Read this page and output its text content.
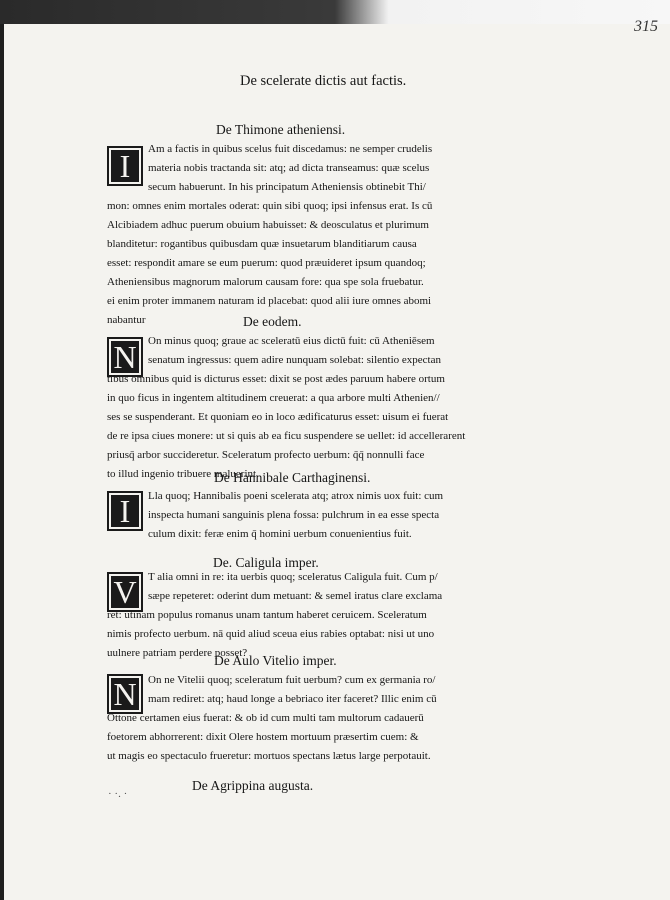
315
De scelerate dictis aut factis.
De Thimone atheniensi.
I	Am a factis in quibus scelus fuit discedamus: ne semper crudelis
materia nobis tractanda sit: atq; ad dicta transeamus: quæ scelus
secum habuerunt. In his principatum Atheniensis obtinebit Thi/
mon: omnes enim mortales oderat: quin sibi quoq; ipsi infensus erat. Is cū
Alcibiadem adhuc puerum obuium habuisset: & deosculatus et plurimum
blanditetur: rogantibus quibusdam quæ insuetarum blanditiarum causa
esset: respondit amare se eum puerum: quod præuideret ipsum quandoq;
Atheniensibus magnorum malorum causam fore: qua spe sola fruebatur.
ei enim proter immanem naturam id placebat: quod alii iure omnes abomi
nabantur	De eodem.
N	On minus quoq; graue ac sceleratū eius dictū fuit: cū Atheniēsem
senatum ingressus: quem adire nunquam solebat: silentio expectan
tibus omnibus quid is dicturus esset: dixit se post ædes paruum habere ortum
in quo ficus in ingentem altitudinem creuerat: a qua arbore multi Athenien//
ses se suspenderant. Et quoniam eo in loco ædificaturus esset: uisum ei fuerat
de re ipsa ciues monere: ut si quis ab ea ficu suspendere se uellet: id accellerarent
priusq̄ arbor succideretur. Sceleratum profecto uerbum: q̄q̄ nonnulli face
to illud ingenio tribuere maluerint.
De Hannibale Carthaginensi.
I	Lla quoq; Hannibalis poeni scelerata atq; atrox nimis uox fuit: cum
inspecta humani sanguinis plena fossa: pulchrum in ea esse specta
culum dixit: feræ enim q̄ homini uerbum conuenientius fuit.
De. Caligula imper.
V	T alia omni in re: ita uerbis quoq; sceleratus Caligula fuit. Cum p/
sæpe repeteret: oderint dum metuant: & semel iratus clare exclama
ret: utinam populus romanus unam tantum haberet ceruicem. Sceleratum
nimis profecto uerbum. nā quid aliud sceua eius rabies optabat: nisi ut uno
uulnere patriam perdere posset?
De Aulo Vitelio imper.
N	On ne Vitelii quoq; sceleratum fuit uerbum? cum ex germania ro/
mam rediret: atq; haud longe a bebriaco iter faceret? Illic enim cū
Ottone certamen eius fuerat: & ob id cum multi tam multorum cadauerū
foetorem abhorrerent: dixit Olere hostem mortuum præsertim cuem: &
ut magis eo spectaculo frueretur: mortuos spectans lætus large perpotauit.
· ·. ·
De Agrippina augusta.
